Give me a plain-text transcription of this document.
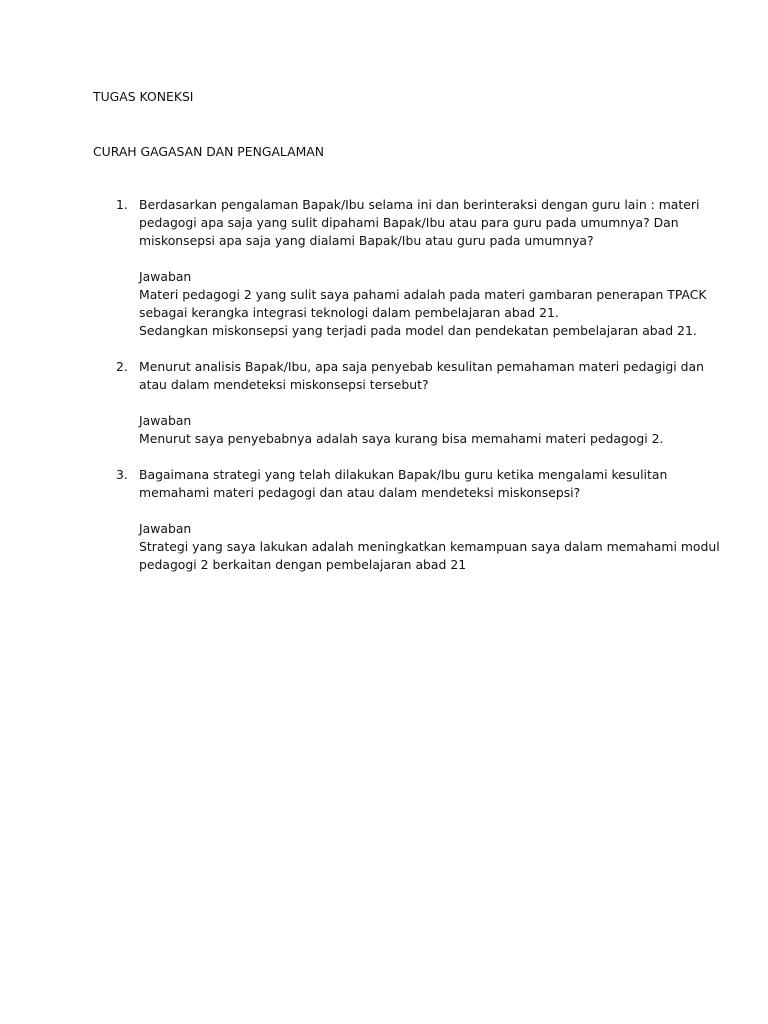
TUGAS KONEKSI
CURAH GAGASAN DAN PENGALAMAN
1. Berdasarkan pengalaman Bapak/Ibu selama ini dan berinteraksi dengan guru lain : materi
pedagogi apa saja yang sulit dipahami Bapak/Ibu atau para guru pada umumnya? Dan
miskonsepsi apa saja yang dialami Bapak/Ibu atau guru pada umumnya?
Jawaban
Materi pedagogi 2 yang sulit saya pahami adalah pada materi gambaran penerapan TPACK
sebagai kerangka integrasi teknologi dalam pembelajaran abad 21.
Sedangkan miskonsepsi yang terjadi pada model dan pendekatan pembelajaran abad 21.
2. Menurut analisis Bapak/Ibu, apa saja penyebab kesulitan pemahaman materi pedagigi dan
atau dalam mendeteksi miskonsepsi tersebut?
Jawaban
Menurut saya penyebabnya adalah saya kurang bisa memahami materi pedagogi 2.
3. Bagaimana strategi yang telah dilakukan Bapak/Ibu guru ketika mengalami kesulitan
memahami materi pedagogi dan atau dalam mendeteksi miskonsepsi?
Jawaban
Strategi yang saya lakukan adalah meningkatkan kemampuan saya dalam memahami modul
pedagogi 2 berkaitan dengan pembelajaran abad 21
